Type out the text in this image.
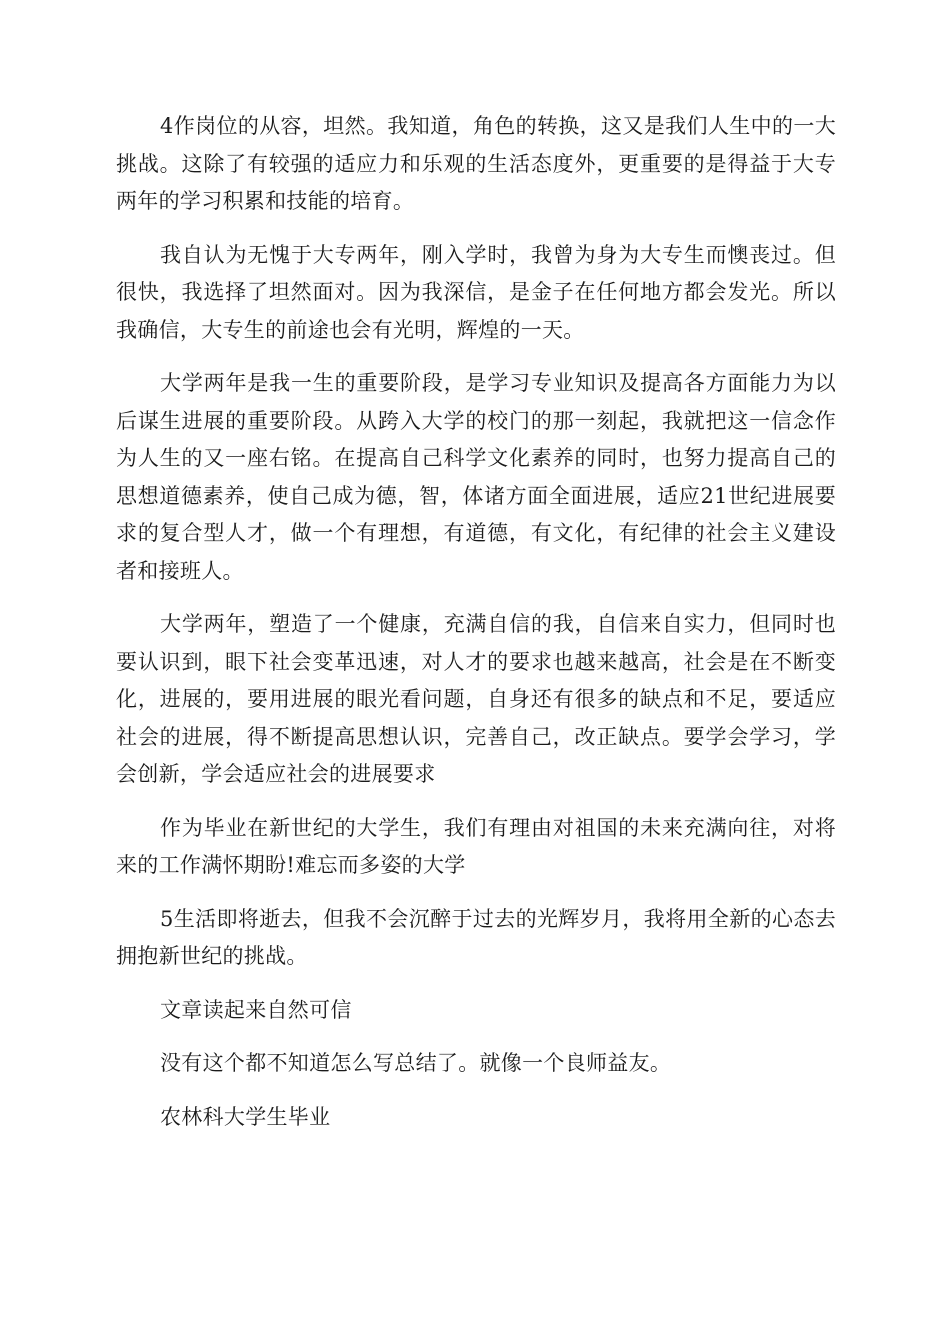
4作岗位的从容，坦然。我知道，角色的转换，这又是我们人生中的一大挑战。这除了有较强的适应力和乐观的生活态度外，更重要的是得益于大专两年的学习积累和技能的培育。

我自认为无愧于大专两年，刚入学时，我曾为身为大专生而懊丧过。但很快，我选择了坦然面对。因为我深信，是金子在任何地方都会发光。所以我确信，大专生的前途也会有光明，辉煌的一天。

大学两年是我一生的重要阶段，是学习专业知识及提高各方面能力为以后谋生进展的重要阶段。从跨入大学的校门的那一刻起，我就把这一信念作为人生的又一座右铭。在提高自己科学文化素养的同时，也努力提高自己的思想道德素养，使自己成为德，智，体诸方面全面进展，适应21世纪进展要求的复合型人才，做一个有理想，有道德，有文化，有纪律的社会主义建设者和接班人。

大学两年，塑造了一个健康，充满自信的我，自信来自实力，但同时也要认识到，眼下社会变革迅速，对人才的要求也越来越高，社会是在不断变化，进展的，要用进展的眼光看问题，自身还有很多的缺点和不足，要适应社会的进展，得不断提高思想认识，完善自己，改正缺点。要学会学习，学会创新，学会适应社会的进展要求

作为毕业在新世纪的大学生，我们有理由对祖国的未来充满向往，对将来的工作满怀期盼!难忘而多姿的大学

5生活即将逝去，但我不会沉醉于过去的光辉岁月，我将用全新的心态去拥抱新世纪的挑战。

文章读起来自然可信

没有这个都不知道怎么写总结了。就像一个良师益友。

农林科大学生毕业
